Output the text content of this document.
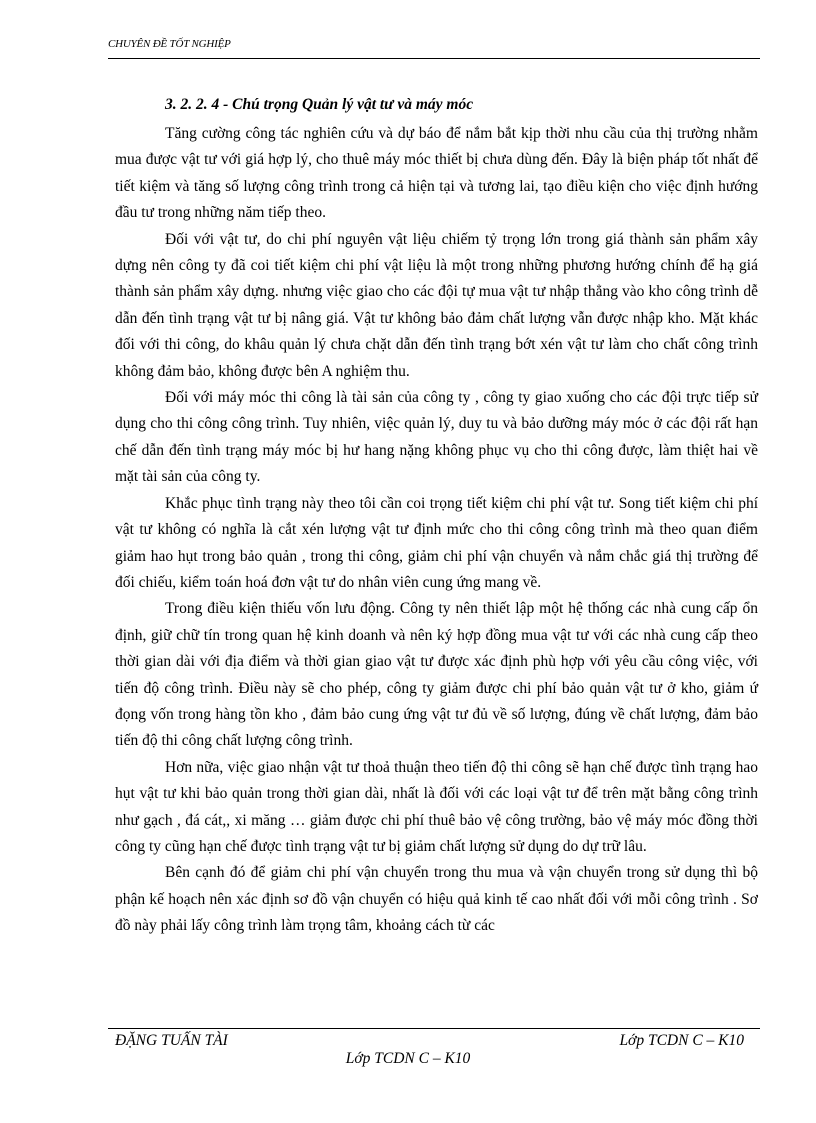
CHUYÊN ĐỀ TỐT NGHIỆP
3. 2. 2. 4 - Chú trọng Quản lý vật tư và máy móc

Tăng cường công tác nghiên cứu và dự báo để nắm bắt kịp thời nhu cầu của thị trường nhằm mua được vật tư với giá hợp lý, cho thuê máy móc thiết bị chưa dùng đến. Đây là biện pháp tốt nhất để tiết kiệm và tăng số lượng công trình trong cả hiện tại và tương lai, tạo điều kiện cho việc định hướng đầu tư trong những năm tiếp theo.

Đối với vật tư, do chi phí nguyên vật liệu chiếm tỷ trọng lớn trong giá thành sản phẩm xây dựng nên công ty đã coi tiết kiệm chi phí vật liệu là một trong những phương hướng chính để hạ giá thành sản phẩm xây dựng. nhưng việc giao cho các đội tự mua vật tư nhập thẳng vào kho công trình dễ dẫn đến tình trạng vật tư bị nâng giá. Vật tư không bảo đảm chất lượng vẫn được nhập kho. Mặt khác đối với thi công, do khâu quản lý chưa chặt dẫn đến tình trạng bớt xén vật tư làm cho chất công trình không đảm bảo, không được bên A nghiệm thu.

Đối với máy móc thi công là tài sản của công ty , công ty giao xuống cho các đội trực tiếp sử dụng cho thi công công trình. Tuy nhiên, việc quản lý, duy tu và bảo dưỡng máy móc ở các đội rất hạn chế dẫn đến tình trạng máy móc bị hư hang nặng không phục vụ cho thi công được, làm thiệt hai về mặt tài sản của công ty.

Khắc phục tình trạng này theo tôi cần coi trọng tiết kiệm chi phí vật tư. Song tiết kiệm chi phí vật tư không có nghĩa là cắt xén lượng vật tư định mức cho thi công công trình mà theo quan điểm giảm hao hụt trong bảo quản , trong thi công, giảm chi phí vận chuyển và nắm chắc giá thị trường để đối chiếu, kiểm toán hoá đơn vật tư do nhân viên cung ứng mang về.

Trong điều kiện thiếu vốn lưu động. Công ty nên thiết lập một hệ thống các nhà cung cấp ổn định, giữ chữ tín trong quan hệ kinh doanh và nên ký hợp đồng mua vật tư với các nhà cung cấp theo thời gian dài với địa điểm và thời gian giao vật tư được xác định phù hợp với yêu cầu công việc, với tiến độ công trình. Điều này sẽ cho phép, công ty giảm được chi phí bảo quản vật tư ở kho, giảm ứ đọng vốn trong hàng tồn kho , đảm bảo cung ứng vật tư đủ về số lượng, đúng về chất lượng, đảm bảo tiến độ thi công chất lượng công trình.

Hơn nữa, việc giao nhận vật tư thoả thuận theo tiến độ thi công sẽ hạn chế được tình trạng hao hụt vật tư khi bảo quản trong thời gian dài, nhất là đối với các loại vật tư để trên mặt bằng công trình như gạch , đá cát,, xi măng … giảm được chi phí thuê bảo vệ công trường, bảo vệ máy móc đồng thời công ty cũng hạn chế được tình trạng vật tư bị giảm chất lượng sử dụng do dự trữ lâu.

Bên cạnh đó để giảm chi phí vận chuyển trong thu mua và vận chuyển trong sử dụng thì bộ phận kế hoạch nên xác định sơ đồ vận chuyển có hiệu quả kinh tế cao nhất đối với mỗi công trình . Sơ đồ này phải lấy công trình làm trọng tâm, khoảng cách từ các

ĐẶNG TUẤN TÀI	Lớp TCDN C – K10
Lớp TCDN C – K10
